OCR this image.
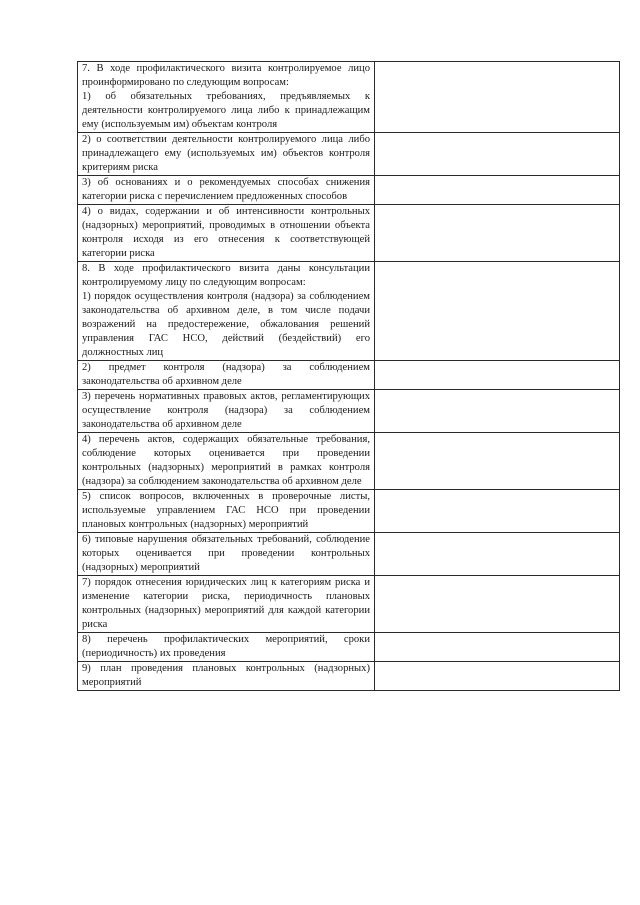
7. В ходе профилактического визита контролируемое лицо проинформировано по следующим вопросам:
1) об обязательных требованиях, предъявляемых к деятельности контролируемого лица либо к принадлежащим ему (используемым им) объектам контроля	

2) о соответствии деятельности контролируемого лица либо принадлежащего ему (используемых им) объектов контроля критериям риска	

3) об основаниях и о рекомендуемых способах снижения категории риска с перечислением предложенных способов	

4) о видах, содержании и об интенсивности контрольных (надзорных) мероприятий, проводимых в отношении объекта контроля исходя из его отнесения к соответствующей категории риска	

8. В ходе профилактического визита даны консультации контролируемому лицу по следующим вопросам:
1) порядок осуществления контроля (надзора) за соблюдением законодательства об архивном деле, в том числе подачи возражений на предостережение, обжалования решений управления ГАС НСО, действий (бездействий) его должностных лиц	

2) предмет контроля (надзора) за соблюдением законодательства об архивном деле	

3) перечень нормативных правовых актов, регламентирующих осуществление контроля (надзора) за соблюдением законодательства об архивном деле	

4) перечень актов, содержащих обязательные требования, соблюдение которых оценивается при проведении контрольных (надзорных) мероприятий в рамках контроля (надзора) за соблюдением законодательства об архивном деле	

5) список вопросов, включенных в проверочные листы, используемые управлением ГАС НСО при проведении плановых контрольных (надзорных) мероприятий	

6) типовые нарушения обязательных требований, соблюдение которых оценивается при проведении контрольных (надзорных) мероприятий	

7) порядок отнесения юридических лиц к категориям риска и изменение категории риска, периодичность плановых контрольных (надзорных) мероприятий для каждой категории риска	

8) перечень профилактических мероприятий, сроки (периодичность) их проведения	

9) план проведения плановых контрольных (надзорных) мероприятий	
